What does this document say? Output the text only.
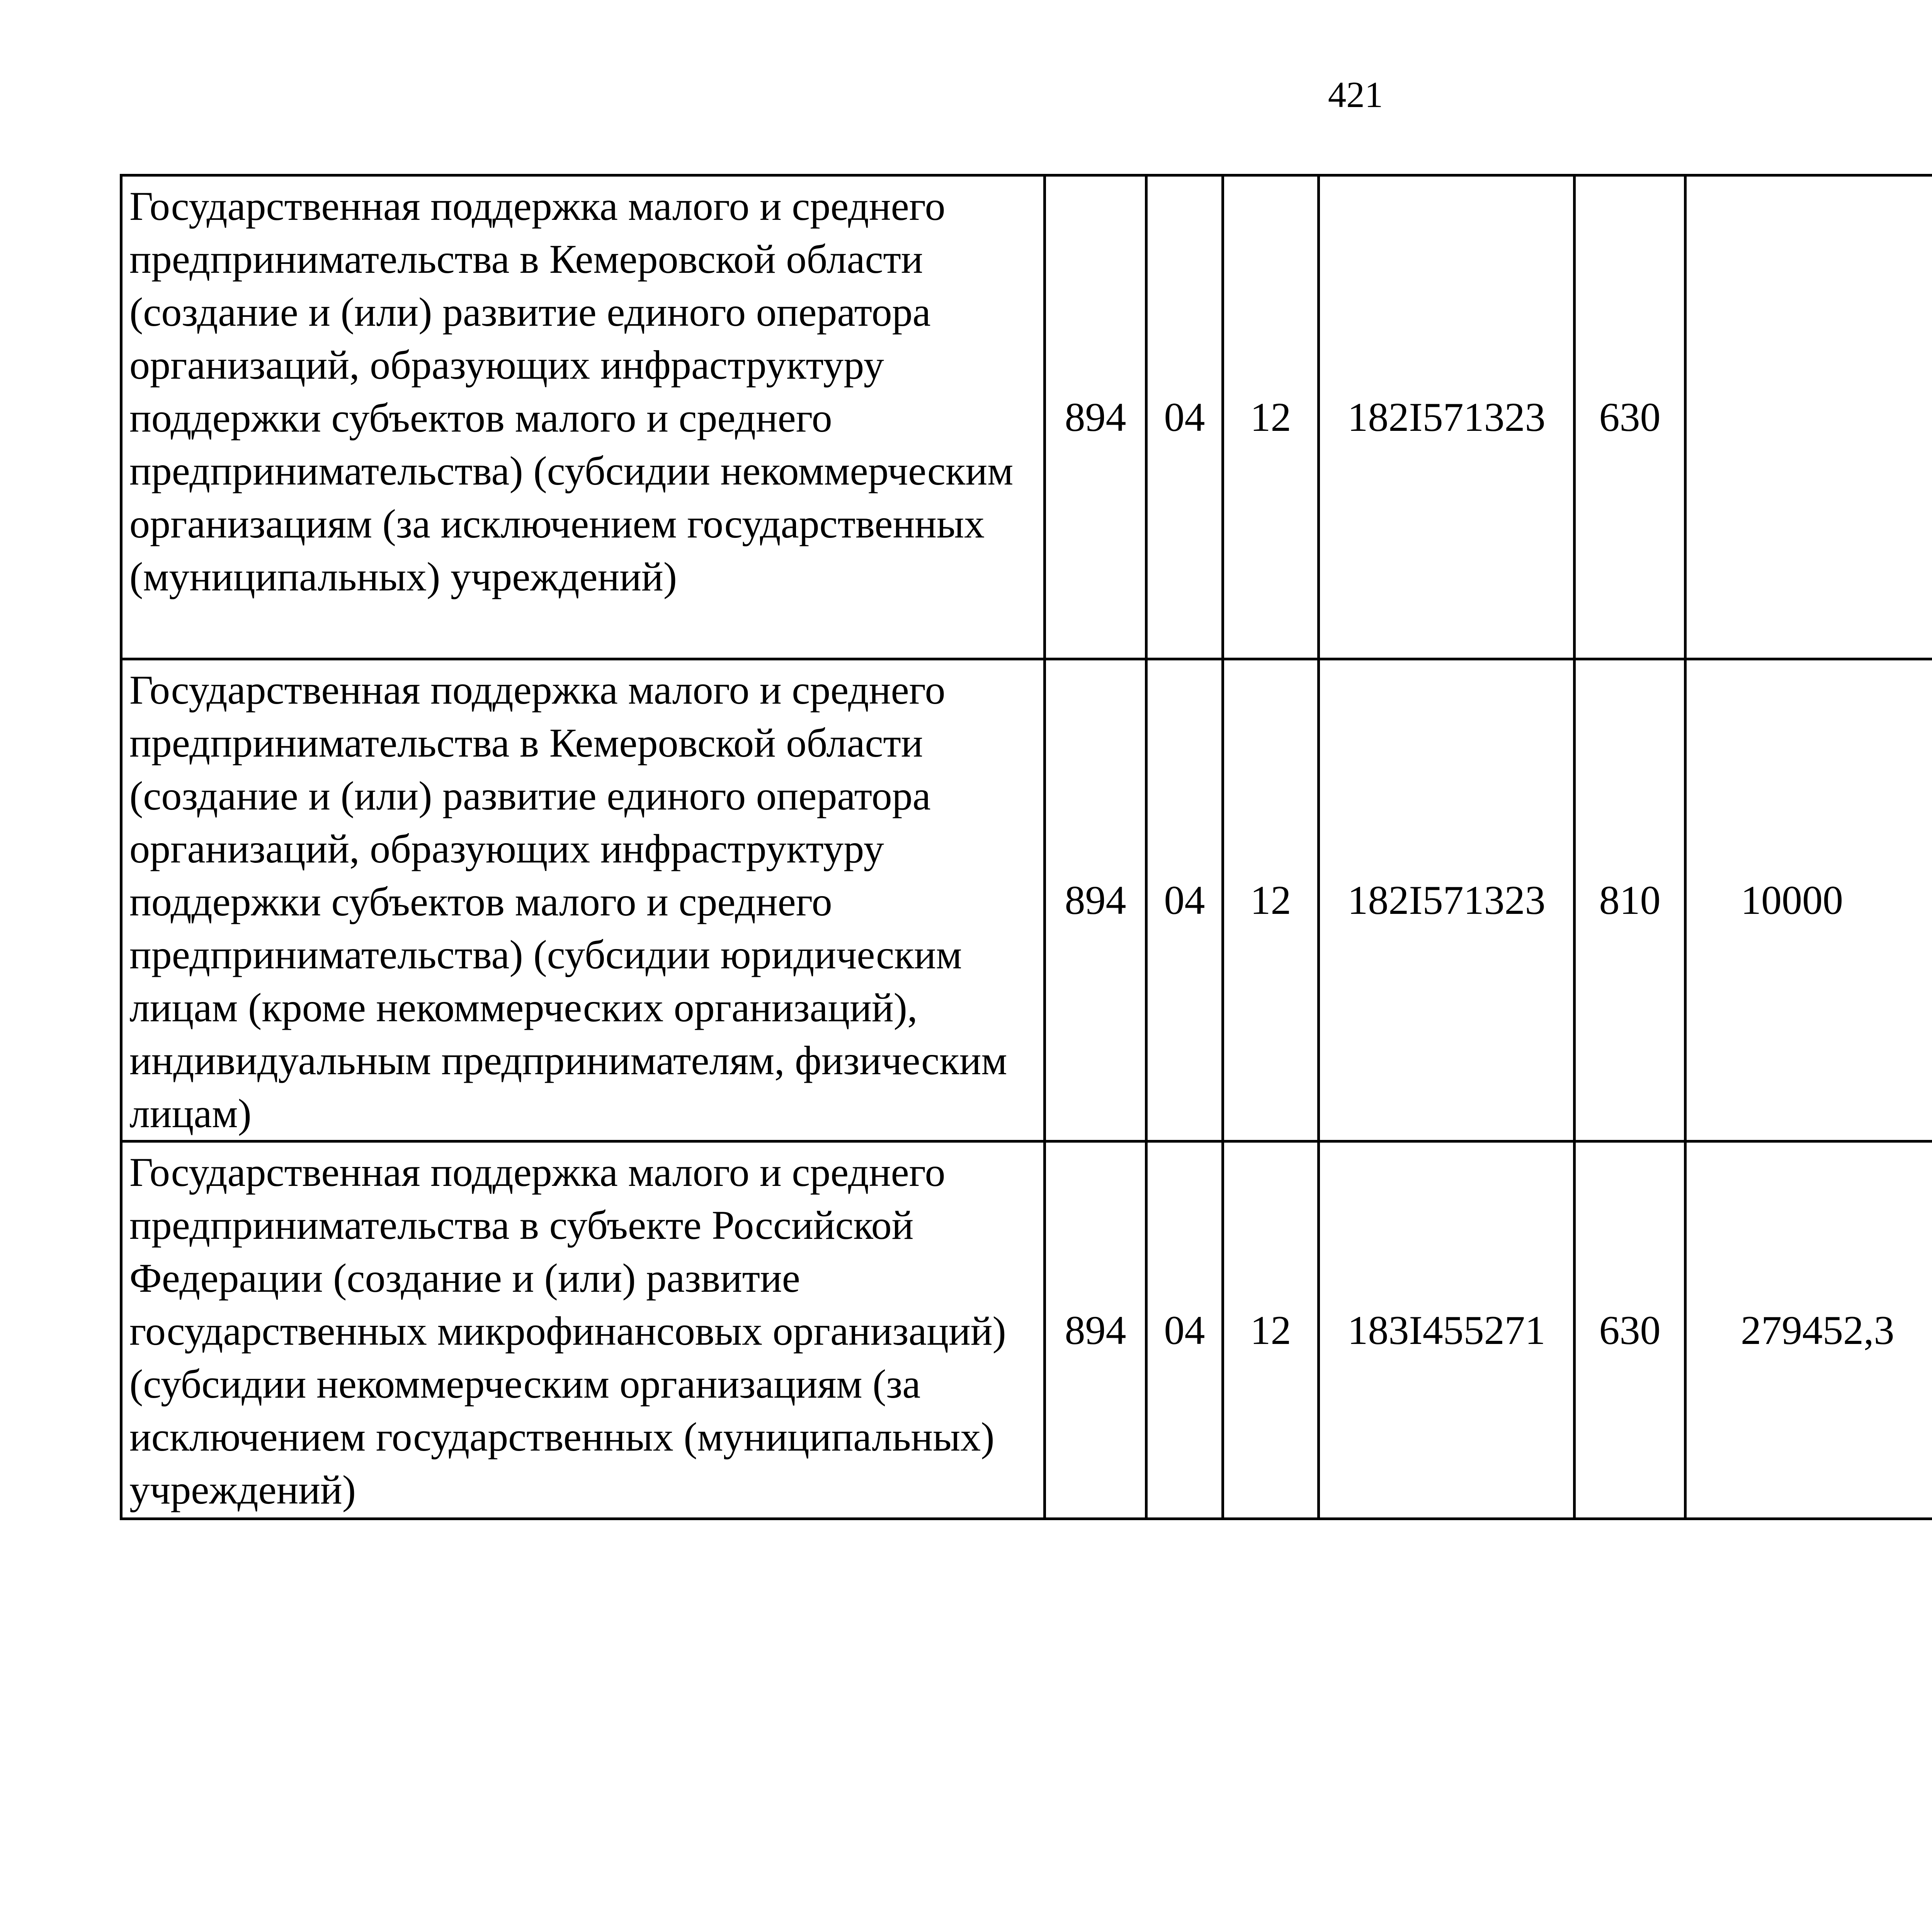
421
Государственная поддержка малого и среднего предпринимательства в Кемеровской области (создание и (или) развитие единого оператора организаций, образующих инфраструктуру поддержки субъектов малого и среднего предпринимательства) (субсидии некоммерческим организациям (за исключением государственных (муниципальных) учреждений)	894	04	12	182I571323	630			
Государственная поддержка малого и среднего предпринимательства в Кемеровской области (создание и (или) развитие единого оператора организаций, образующих инфраструктуру поддержки субъектов малого и среднего предпринимательства) (субсидии юридическим лицам (кроме некоммерческих организаций), индивидуальным предпринимателям, физическим лицам)	894	04	12	182I571323	810	10000		
Государственная поддержка малого и среднего предпринимательства в субъекте Российской Федерации (создание и (или) развитие государственных микрофинансовых организаций) (субсидии некоммерческим организациям (за исключением государственных (муниципальных) учреждений)	894	04	12	183I455271	630	279452,3		
